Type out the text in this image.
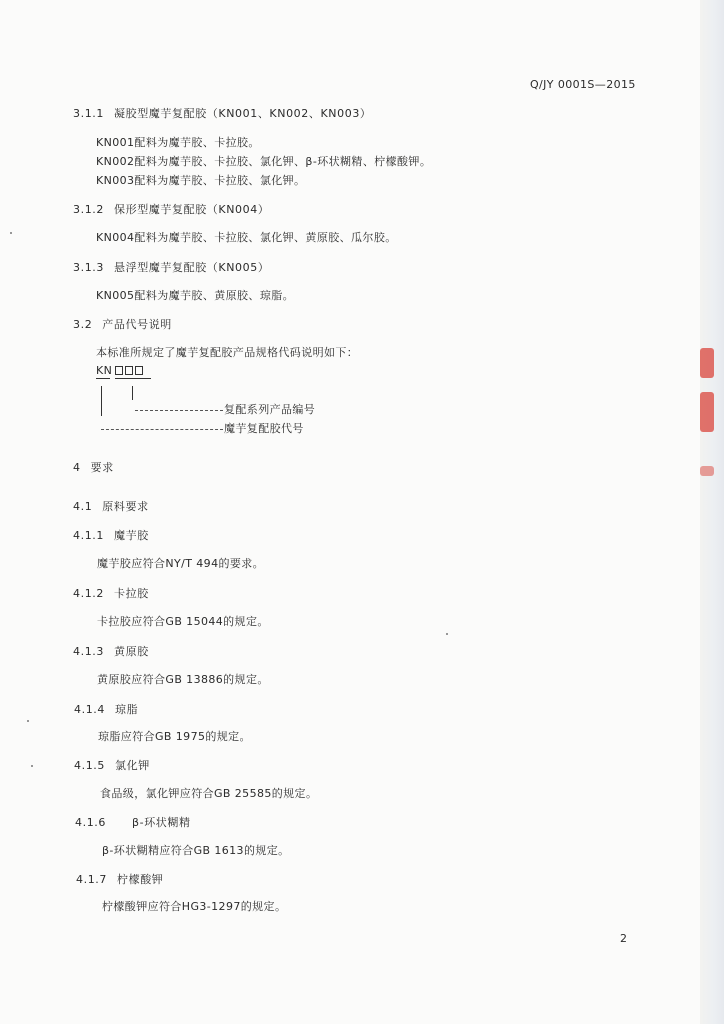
Q/JY 0001S—2015
3.1.1 凝胶型魔芋复配胶（KN001、KN002、KN003）
KN001配料为魔芋胶、卡拉胶。
KN002配料为魔芋胶、卡拉胶、氯化钾、β-环状糊精、柠檬酸钾。
KN003配料为魔芋胶、卡拉胶、氯化钾。
3.1.2 保形型魔芋复配胶（KN004）
KN004配料为魔芋胶、卡拉胶、氯化钾、黄原胶、瓜尔胶。
3.1.3 悬浮型魔芋复配胶（KN005）
KN005配料为魔芋胶、黄原胶、琼脂。
3.2 产品代号说明
本标准所规定了魔芋复配胶产品规格代码说明如下：
KN
复配系列产品编号
魔芋复配胶代号
4 要求
4.1 原料要求
4.1.1 魔芋胶
魔芋胶应符合NY/T 494的要求。
4.1.2 卡拉胶
卡拉胶应符合GB 15044的规定。
4.1.3 黄原胶
黄原胶应符合GB 13886的规定。
4.1.4 琼脂
琼脂应符合GB 1975的规定。
4.1.5 氯化钾
食品级，氯化钾应符合GB 25585的规定。
4.1.6 β-环状糊精
β-环状糊精应符合GB 1613的规定。
4.1.7 柠檬酸钾
柠檬酸钾应符合HG3-1297的规定。
2
